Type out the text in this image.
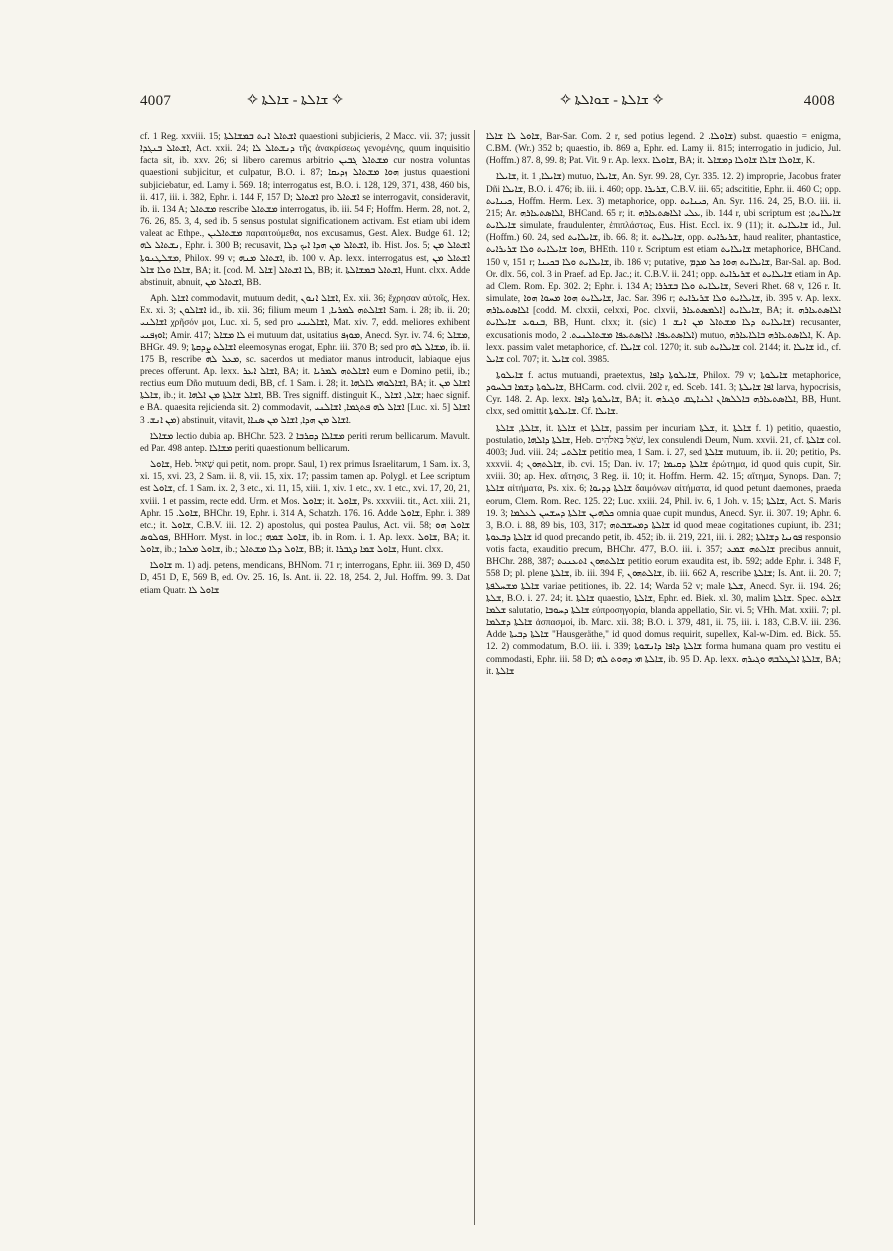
4007	✧ ܫܐܠܬܐ - ܫܐܠܬܐ ✧	✧ ܫܐܠܬܐ - ܫܘܐܠܬܐ ✧	4008

cf. 1 Reg. xxviii. 15; ܐܫܬܐܠ ܐܢܬ ܒܡܫܐܠܬܐ quaestioni subjicieris, 2 Macc. vii. 37; jussit ܐܫܬܐܠ ܒܢܓܕܐ, Act. xxii. 24; ܕܢܫܬܐܠ ܠܐ τῆς ἀνακρίσεως γενομένης, quum inquisitio facta sit, ib. xxv. 26; si libero caremus arbitrio ܡܫܬܐܠ ܓܒܝܢ cur nostra voluntas quaestioni subjicitur, et culpatur, B.O. i. 87; ܗܘܐ ܡܫܬܐܠ ܙܕܝܩܐ justus quaestioni subjiciebatur, ed. Lamy i. 569. 18; interrogatus est, B.O. i. 128, 129, 371, 438, 460 bis, ii. 417, iii. i. 382, Ephr. i. 144 F, 157 D; ܐܫܬܐܠ pro ܐܫܬܐܠ se interrogavit, consideravit, ib. ii. 134 A; ܡܫܬܐܠ rescribe ܡܫܬܐܠ interrogatus, ib. iii. 54 F; Hoffm. Herm. 28, not. 2, 76. 26, 85. 3, 4, sed ib. 5 sensus postulat significationem activam. Est etiam ubi idem valeat ac Ethpe., ܡܫܬܐܠܝܢ παραιτούμεθα, nos excusamus, Gest. Alex. Budge 61. 12; ܢܫܬܐܠ ܠܗ, Ephr. i. 300 B; recusavit, ܐܫܬܐܠ ܡܢ ܗܕܐ ܐܝܟ ܕܠܐ, ib. Hist. Jos. 5; ܐܫܬܐܠ ܡܢ ܡܫܠܛܢܘܬܐ, Philox. 99 v; ܐܫܬܐܠ ܡܢܗ, ib. 100 v. Ap. lexx. interrogatus est, ܐܫܬܐܠ ܡܢ ܫܐܠܐ ܘܠܐ ܫܐܠ, BA; it. [cod. M. ܫܐܠ] ܠܐ ܐܫܬܐܠ, BB; it. ܐܫܬܐܠ ܒܡܫܐܠܬܐ, Hunt. clxx. Adde abstinuit, abnuit, ܐܫܬܐܠ ܡܢ, BB.

Aph. ܐܫܐܠ commodavit, mutuum dedit, ܐܫܐܠ ܐܢܘܢ, Ex. xii. 36; ἔχρησαν αὐτοῖς, Hex. Ex. xi. 3; ܐܫܐܠܘܢ id., ib. xii. 36; filium meum ܐܫܐܠܬܗ ܠܡܪܝܐ, 1 Sam. i. 28; ib. ii. 20; ܐܫܐܠܢܝ χρῆσόν μοι, Luc. xi. 5, sed pro ܐܫܐܠܝܢܝ, Mat. xiv. 7, edd. meliores exhibent ܐܘܙܦܢܝ; Amir. 417; ܠܐ ܡܫܐܠ ei mutuum dat, usitatius ܡܘܙܦ, Anecd. Syr. iv. 74. 6; ܡܫܐܠ, BHGr. 49. 9; ܐܫܐܠܬ ܨܕܩܬܐ eleemosynas erogat, Ephr. iii. 370 B; sed pro ܡܫܐܠ ܠܗ, ib. ii. 175 B, rescribe ܡܥܠ ܠܗ, sc. sacerdos ut mediator manus introducit, labiaque ejus preces offerunt. Ap. lexx. ܐܫܐܠ ܐܥܪ, BA; it. ܐܫܐܠܬܗ ܠܡܪܝܐ eum e Domino petii, ib.; rectius eum Dño mutuum dedi, BB, cf. 1 Sam. i. 28; it. ܐܫܐܠܘܗܝ ܠܐܠܗܐ, BA; it. ܐܫܐܠ ܡܢ ܫܐܠܬܐ, ib.; it. ܐܫܐܠ ܫܐܠܬܐ ܡܢ ܐܠܗܐ, BB. Tres signiff. distinguit K., ܫܐܠ, ܐܫܐܠ; haec signif. e BA. quaesita rejicienda sit. 2) commodavit, ܐܫܐܠ ܠܗ ܦܬܓܡܐ, ܐܫܐܠܢܝ [Luc. xi. 5] ܐܫܐܠ ܡܢ ܐܢܫ. 3) abstinuit, vitavit, ܐܫܐܠ ܡܢ ܗܕܐ, ܐܫܐܠ ܡܢ ܣܢܐܐ.

ܡܫܐܠܐ lectio dubia ap. BHChr. 523. 2 ܡܫܐܠܐ ܕܩܪܒܐ periti rerum bellicarum. Mavult. ed Par. 498 antep. ܡܫܐܠܐ periti quaestionum bellicarum.

ܫܐܘܠ, Heb. שָׁאוּל qui petit, nom. propr. Saul, 1) rex primus Israelitarum, 1 Sam. ix. 3, xi. 15, xvi. 23, 2 Sam. ii. 8, vii. 15, xix. 17; passim tamen ap. Polygl. et Lee scriptum est ܫܐܘܠ, cf. 1 Sam. ix. 2, 3 etc., xi. 11, 15, xiii. 1, xiv. 1 etc., xv. 1 etc., xvi. 17, 20, 21, xviii. 1 et passim, recte edd. Urm. et Mos. ܫܐܘܠ; it. ܫܐܘܠ, Ps. xxxviii. tit., Act. xiii. 21, Aphr. ܫܐܘܠ. 15, BHChr. 19, Ephr. i. 314 A, Schatzh. 176. 16. Adde ܫܐܘܠ, Ephr. i. 389 etc.; it. ܫܐܘܠ, C.B.V. iii. 12. 2) apostolus, qui postea Paulus, Act. vii. 58; ܫܐܘܠ ܗܘ ܦܘܠܘܣ, BHHorr. Myst. in loc.; ܫܐܘܠ ܫܡܗ, ib. in Rom. i. 1. Ap. lexx. ܫܐܘܠ, BA; it. ܫܐܘܠ, ib.; ܫܐܘܠ ܡܠܟܐ, ib.; ܫܐܘܠ ܕܠܐ ܡܫܬܐܠ, BB; it. ܫܐܘܠ ܫܡܐ ܕܓܒܪܐ, Hunt. clxx.

ܫܐܘܠܐ m. 1) adj. petens, mendicans, BHNom. 71 r; interrogans, Ephr. iii. 369 D, 450 D, 451 D, E, 569 B, ed. Ov. 25. 16, Is. Ant. ii. 22. 18, 254. 2, Jul. Hoffm. 99. 3. Dat etiam Quatr. ܫܐܘܠ ܠܐ

ܫܐܘܠ ܠܐ ܫܐܠܐ, Bar-Sar. Com. 2 r, sed potius legend. ܫܐܘܠܐ. 2) subst. quaestio = enigma, C.BM. (Wr.) 352 b; quaestio, ib. 869 a, Ephr. ed. Lamy ii. 815; interrogatio in judicio, Jul. (Hoffm.) 87. 8, 99. 8; Pat. Vit. 9 r. Ap. lexx. ܫܐܘܠܐ, BA; it. ܫܐܘܠܐ ܫܐܠܐ ܫܐܘܠܐ ܕܡܫܐܠ, K.

ܫܐܝܠܐ, it. ܫܐܝܠܐ, 1) mutuo, ܫܐܝܠܐ, An. Syr. 99. 28, Cyr. 335. 12. 2) improprie, Jacobus frater Dñi ܫܐܝܠܐ, B.O. i. 476; ib. iii. i. 460; opp. ܫܪܝܪܐ, C.B.V. iii. 65; adscititie, Ephr. ii. 460 C; opp. ܟܝܢܐܝܬ, Hoffm. Herm. Lex. 3) metaphorice, opp. ܟܝܢܐܝܬ, An. Syr. 116. 24, 25, B.O. iii. ii. 215; Ar. ܐܠܐܣܬܥܐܪܗ, BHCand. 65 r; it. ܥܠܝ ܐܠܐܣܬܥܐܪܗ, ib. 144 r, ubi scriptum est ܫܐܝܠܐܝܬ; ܫܐܝܠܐܝܬ simulate, fraudulenter, ἐπιπλάστως, Eus. Hist. Eccl. ix. 9 (11); it. ܫܐܝܠܐܝܬ id., Jul. (Hoffm.) 60. 24, sed ܫܐܝܠܐܝܬ, ib. 66. 8; it. ܫܐܝܠܐܝܬ, opp. ܫܪܝܪܐܝܬ, haud realiter, phantastice, ܗܘܐ ܫܐܝܠܐܝܬ ܘܠܐ ܫܪܝܪܐܝܬ, BHEth. 110 r. Scriptum est etiam ܫܐܝܠܐܝܬ metaphorice, BHCand. 150 v, 151 r; ܫܐܝܠܐܝܬ ܘܠܐ ܒܟܝܢܐ, ib. 186 v; putative, ܫܐܝܠܐܝܬ ܗܘܐ ܟܠ ܡܕܡ, Bar-Sal. ap. Bod. Or. dlx. 56, col. 3 in Praef. ad Ep. Jac.; it. C.B.V. ii. 241; opp. ܫܪܝܪܐܝܬ et ܫܐܝܠܐܝܬ etiam in Ap. ad Clem. Rom. Ep. 302. 2; Ephr. i. 134 A; ܫܐܝܠܐܝܬ ܘܠܐ ܒܫܪܪܐ, Severi Rhet. 68 v, 126 r. It. simulate, ܫܐܝܠܐܝܬ ܗܘܐ ܡܚܘܐ ܗܘܐ, Jac. Sar. 396 r; ܫܐܝܠܐܝܬ ܘܠܐ ܫܪܝܪܐܝܬ, ib. 395 v. Ap. lexx. ܐܠܐܣܬܥܐܪܗ [codd. M. clxxii, celxxi, Poc. clxvii, ܐܠܡܣܬܥܐܪ] ܫܐܝܠܐܝܬ, BA; it. ܐܠܐܣܬܥܐܪܗ ܒܢܘܥ ܫܐܝܠܐܝܬ, BB, Hunt. clxx; it. (sic) ܫܐܝܠܐܝܬ ܕܠܐ ܡܫܬܐܠ ܡܢ ܐܢܫ 1) recusanter, excusationis modo, ܐܠܐܣܬܥܦܐ. ܐܠܐܣܬܥܦܐ ܡܫܬܐܠܢܝܬ. 2) mutuo, ܐܠܐܣܬܥܐܪܗ ܒܐܠܐܥܐܪܗ, K. Ap. lexx. passim valet metaphorice, cf. ܫܐܝܠܐ col. 1270; it. sub ܫܐܝܠܐܝܬ col. 2144; it. ܫܐܝܠܐ id., cf. ܫܐܝܠ col. 707; it. ܫܐܝܠ col. 3985.

ܫܐܝܠܘܬܐ f. actus mutuandi, praetextus, ܫܐܝܠܘܬܐ ܕܐܦܐ, Philox. 79 v; ܫܐܝܠܘܬܐ metaphorice, ܫܐܝܠܘܬܐ ܕܫܡܐ ܒܠܚܘܕ, BHCarm. cod. clvii. 202 r, ed. Sceb. 141. 3; ܐܦܐ ܫܐܝܠܬܐ larva, hypocrisis, Cyr. 148. 2. Ap. lexx. ܫܐܝܠܘܬܐ ܕܐܦܐ, BA; it. ܐܠܐܣܬܥܐܪܗ ܒܐܠܠܣܐܢ ܐܠܢܐܛܩ ܘܓܝܪܗ, BB, Hunt. clxx, sed omittit ܫܐܝܠܘܬܐ. Cf. ܫܐܝܠܐ.

ܫܐܠܬܐ, ܫܐܠܬܐ, it. ܫܐܠܬܐ et ܫܐܠܬܐ, passim per incuriam ܫܠܬܐ, it. ܫܐܠܬܐ f. 1) petitio, quaestio, postulatio, ܫܐܠܬܐ ܕܐܠܗܐ, Heb. שֹׁאֵל בַּאלֹהִים, lex consulendi Deum, Num. xxvii. 21, cf. ܫܐܠܬܐ col. 4003; Jud. viii. 24; ܫܐܠܬܝ petitio mea, 1 Sam. i. 27, sed ܫܐܠܬܐ mutuum, ib. ii. 20; petitio, Ps. xxxvii. 4; ܫܐܠܬܗܘܢ, ib. cvi. 15; Dan. iv. 17; ܫܐܠܬܐ ܕܩܝܡܐ ἐρώτημα, id quod quis cupit, Sir. xviii. 30; ap. Hex. αἴτησις, 3 Reg. ii. 10; it. Hoffm. Herm. 42. 15; αἴτημα, Synops. Dan. 7; ܫܐܠܬܐ αἰτήματα, Ps. xix. 6; ܫܐܠܬܐ ܕܕܝܘܐ δαιμόνων αἰτήματα, id quod petunt daemones, praeda eorum, Clem. Rom. Rec. 125. 22; Luc. xxiii. 24, Phil. iv. 6, 1 Joh. v. 15; ܫܐܠܬܐ, Act. S. Maris 19. 3; ܟܠܗܝܢ ܫܐܠܬܐ ܕܚܫܚܢ ܠܥܠܡܐ omnia quae cupit mundus, Anecd. Syr. ii. 307. 19; Aphr. 6. 3, B.O. i. 88, 89 bis, 103, 317; ܫܐܠܬܐ ܕܡܚܫܒܬܗ id quod meae cogitationes cupiunt, ib. 231; ܫܐܠܬܐ ܕܒܥܘܬܐ id quod precando petit, ib. 452; ib. ii. 219, 221, iii. i. 282; ܦܘܢܝܐ ܕܫܐܠܬܐ responsio votis facta, exauditio precum, BHChr. 477, B.O. iii. i. 357; ܫܐܠܬܗ ܫܡܥ precibus annuit, BHChr. 288, 387; ܫܐܠܬܗܘܢ ܐܬܥܢܝܬ petitio eorum exaudita est, ib. 592; adde Ephr. i. 348 F, 558 D; pl. plene ܫܐܠܬܐ, ib. iii. 394 F, ܫܐܠܬܗܘܢ, ib. iii. 662 A, rescribe ܫܐܠܬܐ; Is. Ant. ii. 20. 7; ܫܐܠܬܐ ܡܫܚܠܦܬܐ variae petitiones, ib. 22. 14; Warda 52 v; male ܫܠܬܐ, Anecd. Syr. ii. 194. 26; ܫܠܬܐ, B.O. i. 27. 24; it. ܫܐܠܬܐ quaestio, ܫܐܠܬܐ, Ephr. ed. Biek. xl. 30, malim ܫܐܠܬܐ. Spec. ܫܐܠܬ ܫܠܡܐ salutatio, ܫܐܠܬܐ ܕܚܘܒܐ εὐπροσηγορία, blanda appellatio, Sir. vi. 5; VHh. Mat. xxiii. 7; pl. ܫܐܠܬܐ ܕܫܠܡܐ ἀσπασμοί, ib. Marc. xii. 38; B.O. i. 379, 481, ii. 75, iii. i. 183, C.B.V. iii. 236. Adde ܫܐܠܬܐ ܕܒܝܬܐ "Hausgeräthe," id quod domus requirit, supellex, Kal-w-Dim. ed. Bick. 55. 12. 2) commodatum, B.O. iii. i. 339; ܫܐܠܬܐ ܕܐܦܐ ܕܐܢܫܘܬܐ forma humana quam pro vestitu ei commodasti, Ephr. iii. 58 D; ܫܐܠܬܐ ܗܝ ܕܗܘܬ ܠܗ, ib. 95 D. Ap. lexx. ܫܐܠܬܐ ܐܠܛܠܒܗ ܘܓܝܪܗ, BA; it. ܫܐܠܬܐ
